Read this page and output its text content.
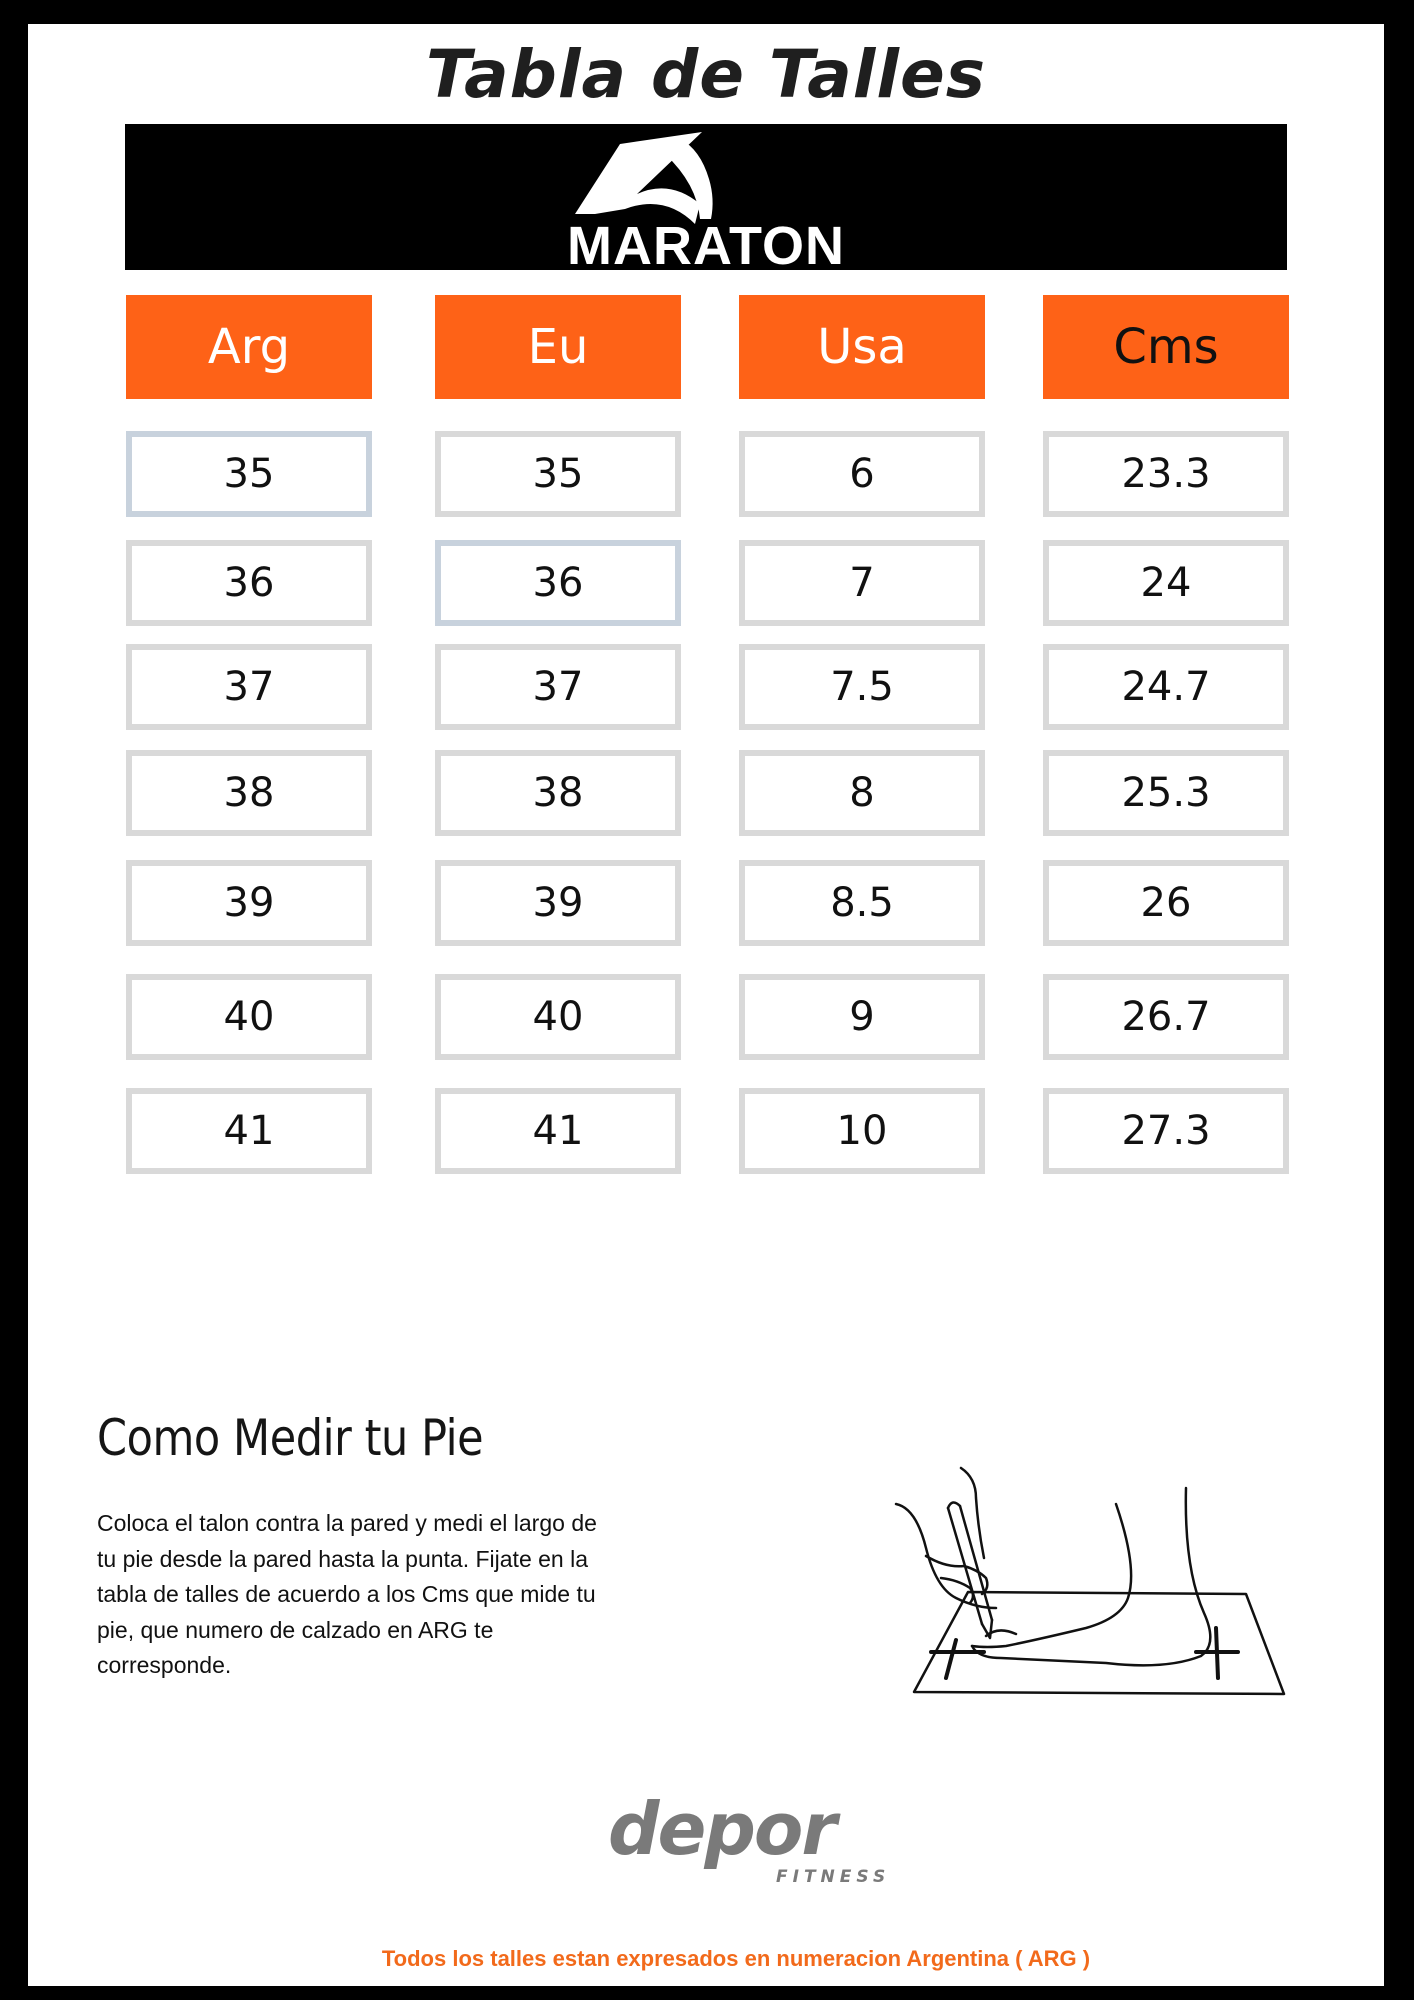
Tabla de Talles
MARATON
Arg	Eu	Usa	Cms
35	35	6	23.3
36	36	7	24
37	37	7.5	24.7
38	38	8	25.3
39	39	8.5	26
40	40	9	26.7
41	41	10	27.3
Como Medir tu Pie
Coloca el talon contra la pared y medi el largo de tu pie desde la pared hasta la punta. Fijate en la tabla de talles de acuerdo a los Cms que mide tu pie, que numero de calzado en ARG te corresponde.
depor
FITNESS
Todos los talles estan expresados en numeracion Argentina ( ARG )
